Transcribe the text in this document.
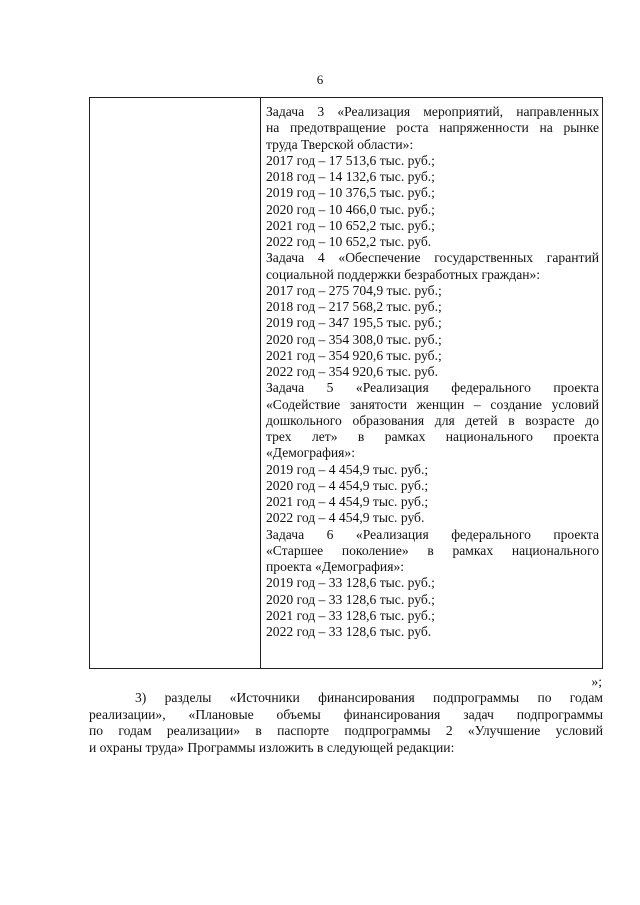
6
Задача 3 «Реализация мероприятий, направленных
на предотвращение роста напряженности на рынке
труда Тверской области»:
2017 год – 17 513,6 тыс. руб.;
2018 год – 14 132,6 тыс. руб.;
2019 год – 10 376,5 тыс. руб.;
2020 год – 10 466,0 тыс. руб.;
2021 год – 10 652,2 тыс. руб.;
2022 год – 10 652,2 тыс. руб.
Задача 4 «Обеспечение государственных гарантий
социальной поддержки безработных граждан»:
2017 год – 275 704,9 тыс. руб.;
2018 год – 217 568,2 тыс. руб.;
2019 год – 347 195,5 тыс. руб.;
2020 год – 354 308,0 тыс. руб.;
2021 год – 354 920,6 тыс. руб.;
2022 год – 354 920,6 тыс. руб.
Задача 5 «Реализация федерального проекта
«Содействие занятости женщин – создание условий
дошкольного образования для детей в возрасте до
трех лет» в рамках национального проекта
«Демография»:
2019 год – 4 454,9 тыс. руб.;
2020 год – 4 454,9 тыс. руб.;
2021 год – 4 454,9 тыс. руб.;
2022 год – 4 454,9 тыс. руб.
Задача 6 «Реализация федерального проекта
«Старшее поколение» в рамках национального
проекта «Демография»:
2019 год – 33 128,6 тыс. руб.;
2020 год – 33 128,6 тыс. руб.;
2021 год – 33 128,6 тыс. руб.;
2022 год – 33 128,6 тыс. руб.
»;
3) разделы «Источники финансирования подпрограммы по годам
реализации», «Плановые объемы финансирования задач подпрограммы
по годам реализации» в паспорте подпрограммы 2 «Улучшение условий
и охраны труда» Программы изложить в следующей редакции:
